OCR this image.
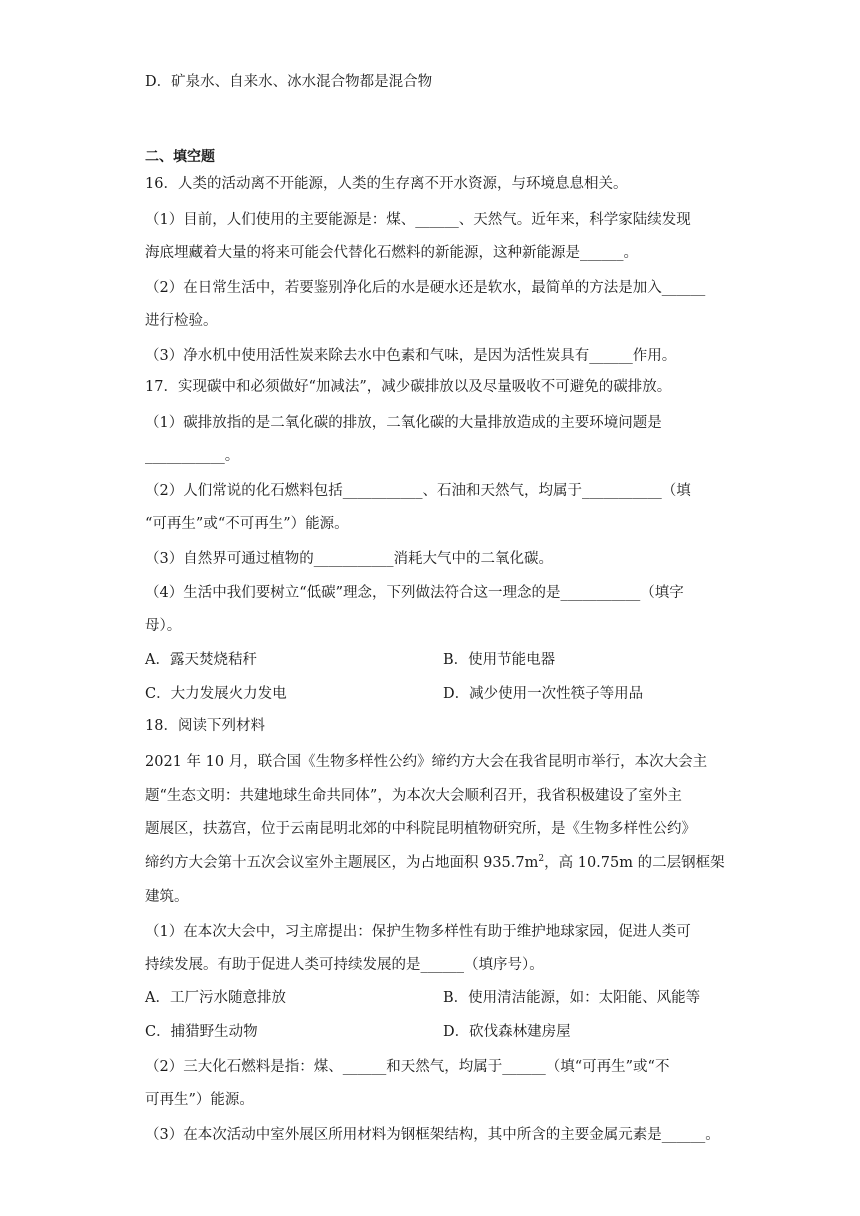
D．矿泉水、自来水、冰水混合物都是混合物
二、填空题
16．人类的活动离不开能源，人类的生存离不开水资源，与环境息息相关。
（1）目前，人们使用的主要能源是：煤、______、天然气。近年来，科学家陆续发现
海底埋藏着大量的将来可能会代替化石燃料的新能源，这种新能源是______。
（2）在日常生活中，若要鉴别净化后的水是硬水还是软水，最简单的方法是加入______
进行检验。
（3）净水机中使用活性炭来除去水中色素和气味，是因为活性炭具有______作用。
17．实现碳中和必须做好“加减法”，减少碳排放以及尽量吸收不可避免的碳排放。
（1）碳排放指的是二氧化碳的排放，二氧化碳的大量排放造成的主要环境问题是
___________。
（2）人们常说的化石燃料包括___________、石油和天然气，均属于___________（填
“可再生”或“不可再生”）能源。
（3）自然界可通过植物的___________消耗大气中的二氧化碳。
（4）生活中我们要树立“低碳”理念，下列做法符合这一理念的是___________（填字
母）。
A．露天焚烧秸秆	B．使用节能电器
C．大力发展火力发电	D．减少使用一次性筷子等用品
18．阅读下列材料
2021 年 10 月，联合国《生物多样性公约》缔约方大会在我省昆明市举行，本次大会主
题“生态文明：共建地球生命共同体”，为本次大会顺利召开，我省积极建设了室外主
题展区，扶荔宫，位于云南昆明北郊的中科院昆明植物研究所，是《生物多样性公约》
缔约方大会第十五次会议室外主题展区，为占地面积 $935.7m^2$，高 10.75m 的二层钢框架
建筑。
（1）在本次大会中，习主席提出：保护生物多样性有助于维护地球家园，促进人类可
持续发展。有助于促进人类可持续发展的是______（填序号）。
A．工厂污水随意排放	B．使用清洁能源，如：太阳能、风能等
C．捕猎野生动物	D．砍伐森林建房屋
（2）三大化石燃料是指：煤、______和天然气，均属于______（填“可再生”或“不
可再生”）能源。
（3）在本次活动中室外展区所用材料为钢框架结构，其中所含的主要金属元素是______。
